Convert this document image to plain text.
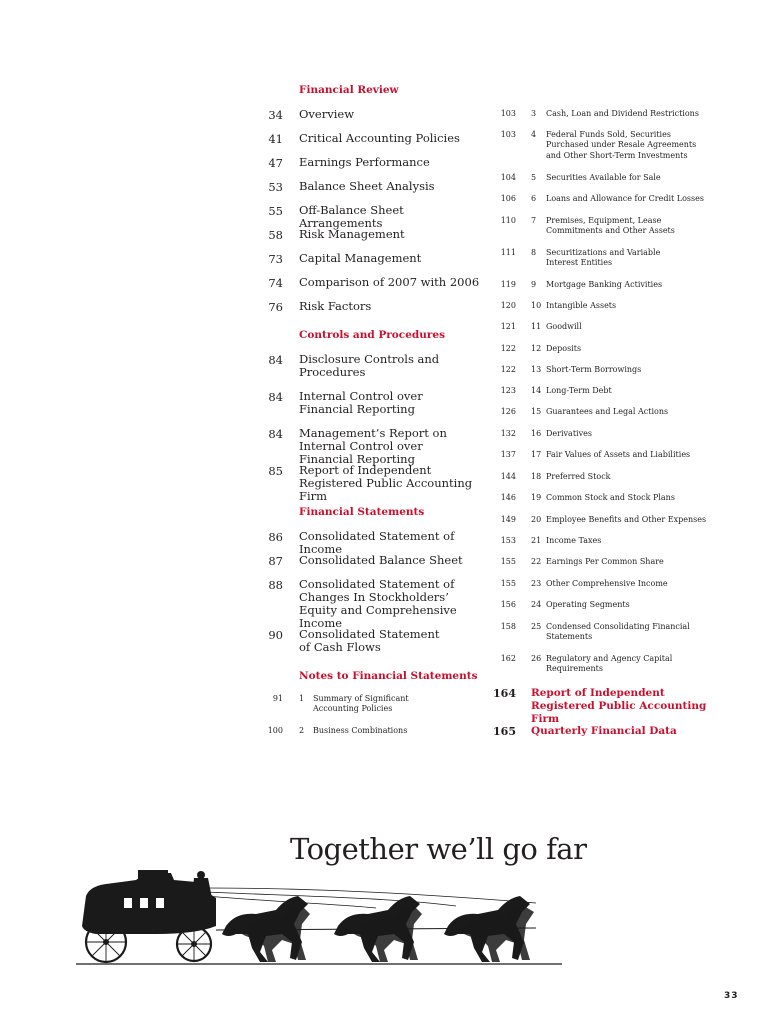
Financial Review
34 Overview
41 Critical Accounting Policies
47 Earnings Performance
53 Balance Sheet Analysis
55 Off-Balance Sheet Arrangements
58 Risk Management
73 Capital Management
74 Comparison of 2007 with 2006
76 Risk Factors
Controls and Procedures
84 Disclosure Controls and Procedures
84 Internal Control over Financial Reporting
84 Management’s Report on Internal Control over Financial Reporting
85 Report of Independent Registered Public Accounting Firm
Financial Statements
86 Consolidated Statement of Income
87 Consolidated Balance Sheet
88 Consolidated Statement of Changes In Stockholders’ Equity and Comprehensive Income
90 Consolidated Statement of Cash Flows
Notes to Financial Statements
91 1	Summary of Significant Accounting Policies
100 2	Business Combinations
103 3	Cash, Loan and Dividend Restrictions
103 4	Federal Funds Sold, Securities Purchased under Resale Agreements and Other Short-Term Investments
104 5	Securities Available for Sale
106 6	Loans and Allowance for Credit Losses
110 7	Premises, Equipment, Lease Commitments and Other Assets
111 8	Securitizations and Variable Interest Entities
119 9	Mortgage Banking Activities
120 10 Intangible Assets
121 11 Goodwill
122 12 Deposits
122 13 Short-Term Borrowings
123 14 Long-Term Debt
126 15 Guarantees and Legal Actions
132 16 Derivatives
137 17 Fair Values of Assets and Liabilities
144 18 Preferred Stock
146 19 Common Stock and Stock Plans
149 20 Employee Benefits and Other Expenses
153 21 Income Taxes
155 22 Earnings Per Common Share
155 23 Other Comprehensive Income
156 24 Operating Segments
158 25 Condensed Consolidating Financial Statements
162 26 Regulatory and Agency Capital Requirements
164 Report of Independent Registered Public Accounting Firm
165 Quarterly Financial Data
Together we’ll go far
33
